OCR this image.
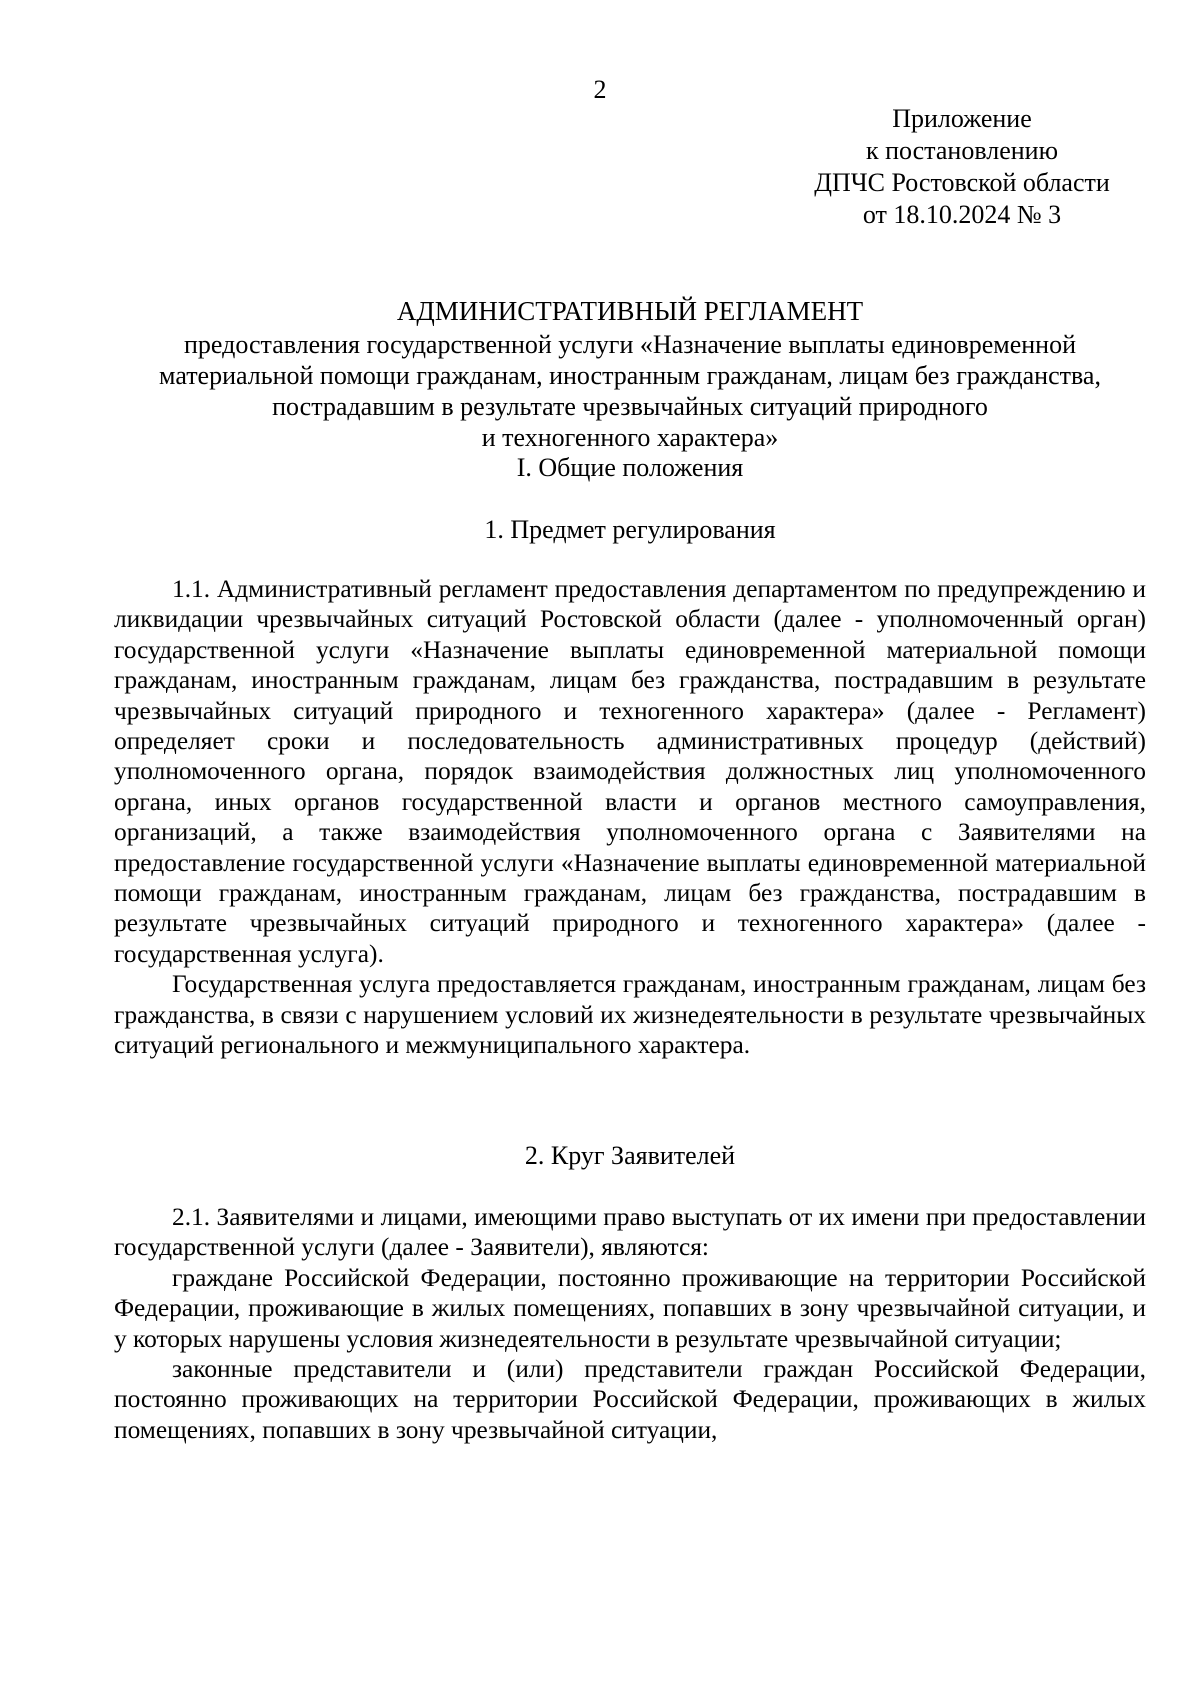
2
Приложение
к постановлению
ДПЧС Ростовской области
от 18.10.2024 № 3
АДМИНИСТРАТИВНЫЙ РЕГЛАМЕНТ
предоставления государственной услуги «Назначение выплаты единовременной
материальной помощи гражданам, иностранным гражданам, лицам без гражданства,
пострадавшим в результате чрезвычайных ситуаций природного
и техногенного характера»
I. Общие положения
1. Предмет регулирования

1.1. Административный регламент предоставления департаментом по предупреждению и ликвидации чрезвычайных ситуаций Ростовской области (далее - уполномоченный орган) государственной услуги «Назначение выплаты единовременной материальной помощи гражданам, иностранным гражданам, лицам без гражданства, пострадавшим в результате чрезвычайных ситуаций природного и техногенного характера» (далее - Регламент) определяет сроки и последовательность административных процедур (действий) уполномоченного органа, порядок взаимодействия должностных лиц уполномоченного органа, иных органов государственной власти и органов местного самоуправления, организаций, а также взаимодействия уполномоченного органа с Заявителями на предоставление государственной услуги «Назначение выплаты единовременной материальной помощи гражданам, иностранным гражданам, лицам без гражданства, пострадавшим в результате чрезвычайных ситуаций природного и техногенного характера» (далее - государственная услуга).

Государственная услуга предоставляется гражданам, иностранным гражданам, лицам без гражданства, в связи с нарушением условий их жизнедеятельности в результате чрезвычайных ситуаций регионального и межмуниципального характера.

2. Круг Заявителей

2.1. Заявителями и лицами, имеющими право выступать от их имени при предоставлении государственной услуги (далее - Заявители), являются:

граждане Российской Федерации, постоянно проживающие на территории Российской Федерации, проживающие в жилых помещениях, попавших в зону чрезвычайной ситуации, и у которых нарушены условия жизнедеятельности в результате чрезвычайной ситуации;

законные представители и (или) представители граждан Российской Федерации, постоянно проживающих на территории Российской Федерации, проживающих в жилых помещениях, попавших в зону чрезвычайной ситуации,
